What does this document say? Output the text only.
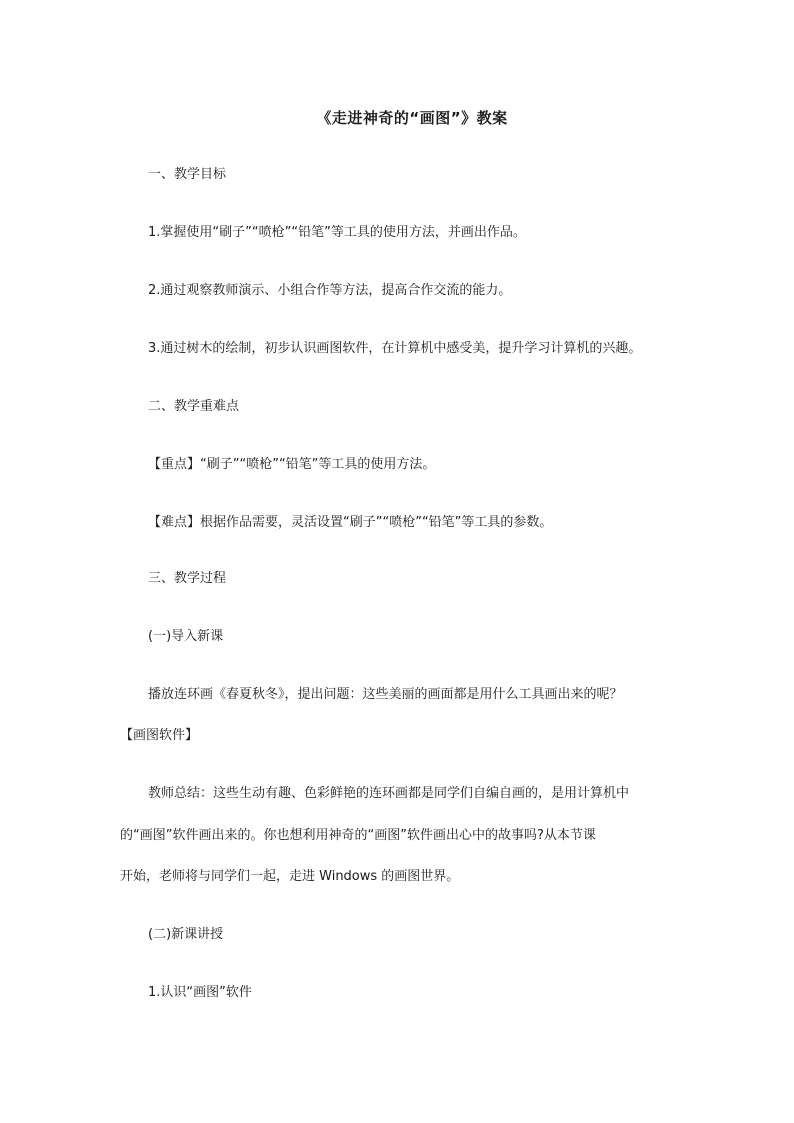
《走进神奇的“画图”》教案
一、教学目标
1.掌握使用“刷子”“喷枪”“铅笔”等工具的使用方法，并画出作品。
2.通过观察教师演示、小组合作等方法，提高合作交流的能力。
3.通过树木的绘制，初步认识画图软件，在计算机中感受美，提升学习计算机的兴趣。
二、教学重难点
【重点】“刷子”“喷枪”“铅笔”等工具的使用方法。
【难点】根据作品需要，灵活设置“刷子”“喷枪”“铅笔”等工具的参数。
三、教学过程
(一)导入新课
播放连环画《春夏秋冬》，提出问题：这些美丽的画面都是用什么工具画出来的呢？
【画图软件】
教师总结：这些生动有趣、色彩鲜艳的连环画都是同学们自编自画的，是用计算机中
的“画图”软件画出来的。你也想利用神奇的“画图”软件画出心中的故事吗?从本节课
开始，老师将与同学们一起，走进 Windows 的画图世界。
(二)新课讲授
1.认识“画图”软件
